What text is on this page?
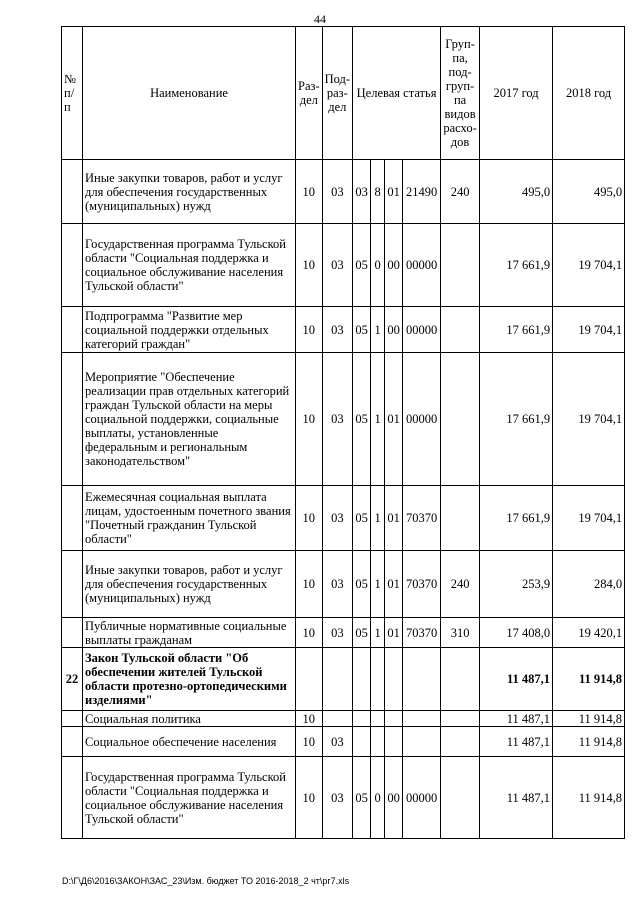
44
№ п/ п	Наименование	Раз- дел	Под- раз- дел	Целевая статья				Груп- па, под- груп- па видов расхо- дов	2017 год	2018 год
	Иные закупки товаров, работ и услуг для обеспечения государственных (муниципальных) нужд	10	03	03	8	01	21490	240	495,0	495,0
	Государственная программа Тульской области "Социальная поддержка и социальное обслуживание населения Тульской области"	10	03	05	0	00	00000		17 661,9	19 704,1
	Подпрограмма "Развитие мер социальной поддержки отдельных категорий граждан"	10	03	05	1	00	00000		17 661,9	19 704,1
	Мероприятие "Обеспечение реализации прав отдельных категорий граждан Тульской области на меры социальной поддержки, социальные выплаты, установленные федеральным и региональным законодательством"	10	03	05	1	01	00000		17 661,9	19 704,1
	Ежемесячная социальная выплата лицам, удостоенным почетного звания "Почетный гражданин Тульской области"	10	03	05	1	01	70370		17 661,9	19 704,1
	Иные закупки товаров, работ и услуг для обеспечения государственных (муниципальных) нужд	10	03	05	1	01	70370	240	253,9	284,0
	Публичные нормативные социальные выплаты гражданам	10	03	05	1	01	70370	310	17 408,0	19 420,1
22	Закон Тульской области "Об обеспечении жителей Тульской области протезно-ортопедическими изделиями"								11 487,1	11 914,8
	Социальная политика	10							11 487,1	11 914,8
	Социальное обеспечение населения	10	03						11 487,1	11 914,8
	Государственная программа Тульской области "Социальная поддержка и социальное обслуживание населения Тульской области"	10	03	05	0	00	00000		11 487,1	11 914,8
D:\Г\Д6\2016\ЗАКОН\ЗАС_23\Изм. бюджет ТО 2016-2018_2 чт\рг7.xls
